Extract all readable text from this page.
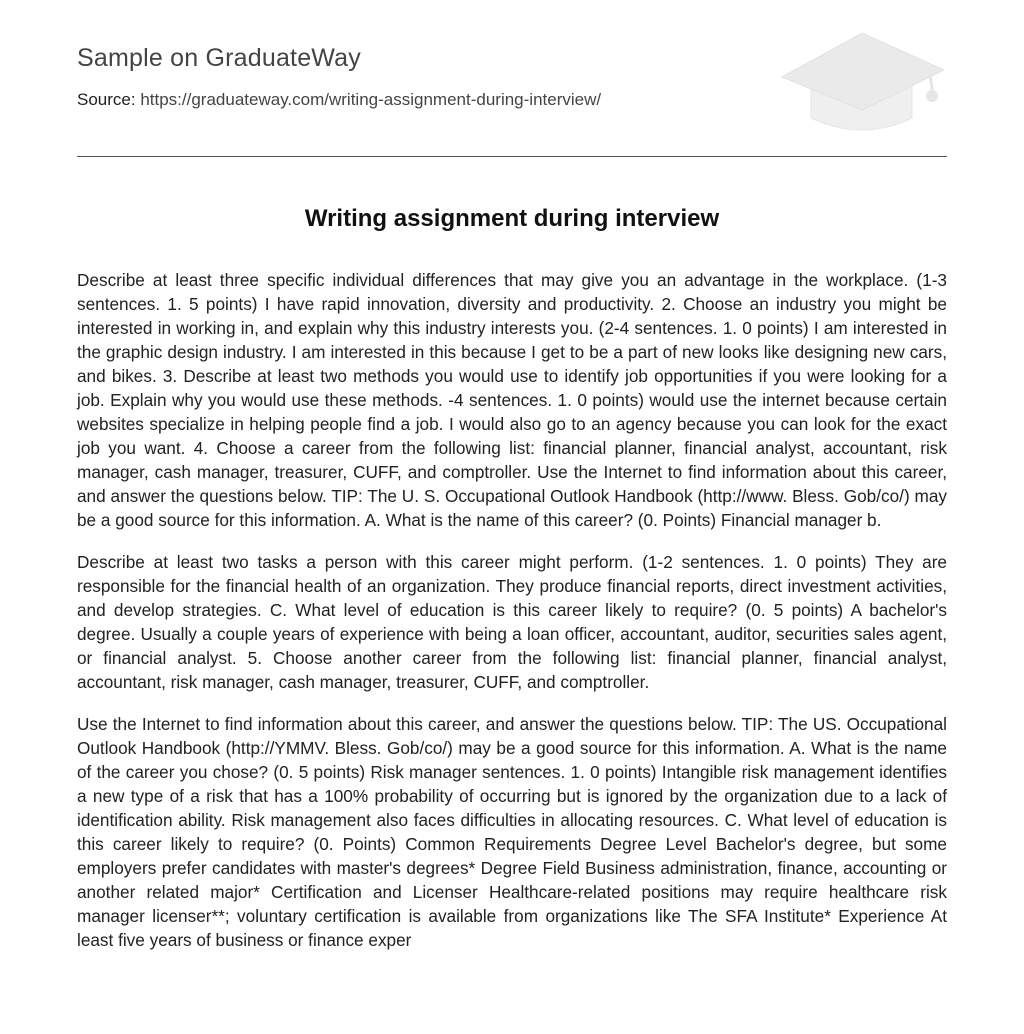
Sample on GraduateWay
Source: https://graduateway.com/writing-assignment-during-interview/
Writing assignment during interview

Describe at least three specific individual differences that may give you an advantage in the workplace. (1-3 sentences. 1. 5 points) I have rapid innovation, diversity and productivity. 2. Choose an industry you might be interested in working in, and explain why this industry interests you. (2-4 sentences. 1. 0 points) I am interested in the graphic design industry. I am interested in this because I get to be a part of new looks like designing new cars, and bikes. 3. Describe at least two methods you would use to identify job opportunities if you were looking for a job. Explain why you would use these methods. -4 sentences. 1. 0 points) would use the internet because certain websites specialize in helping people find a job. I would also go to an agency because you can look for the exact job you want. 4. Choose a career from the following list: financial planner, financial analyst, accountant, risk manager, cash manager, treasurer, CUFF, and comptroller. Use the Internet to find information about this career, and answer the questions below. TIP: The U. S. Occupational Outlook Handbook (http://www. Bless. Gob/co/) may be a good source for this information. A. What is the name of this career? (0. Points) Financial manager b.

Describe at least two tasks a person with this career might perform. (1-2 sentences. 1. 0 points) They are responsible for the financial health of an organization. They produce financial reports, direct investment activities, and develop strategies. C. What level of education is this career likely to require? (0. 5 points) A bachelor's degree. Usually a couple years of experience with being a loan officer, accountant, auditor, securities sales agent, or financial analyst. 5. Choose another career from the following list: financial planner, financial analyst, accountant, risk manager, cash manager, treasurer, CUFF, and comptroller.

Use the Internet to find information about this career, and answer the questions below. TIP: The US. Occupational Outlook Handbook (http://YMMV. Bless. Gob/co/) may be a good source for this information. A. What is the name of the career you chose? (0. 5 points) Risk manager sentences. 1. 0 points) Intangible risk management identifies a new type of a risk that has a 100% probability of occurring but is ignored by the organization due to a lack of identification ability. Risk management also faces difficulties in allocating resources. C. What level of education is this career likely to require? (0. Points) Common Requirements Degree Level Bachelor's degree, but some employers prefer candidates with master's degrees* Degree Field Business administration, finance, accounting or another related major* Certification and Licenser Healthcare-related positions may require healthcare risk manager licenser**; voluntary certification is available from organizations like The SFA Institute* Experience At least five years of business or finance exper
